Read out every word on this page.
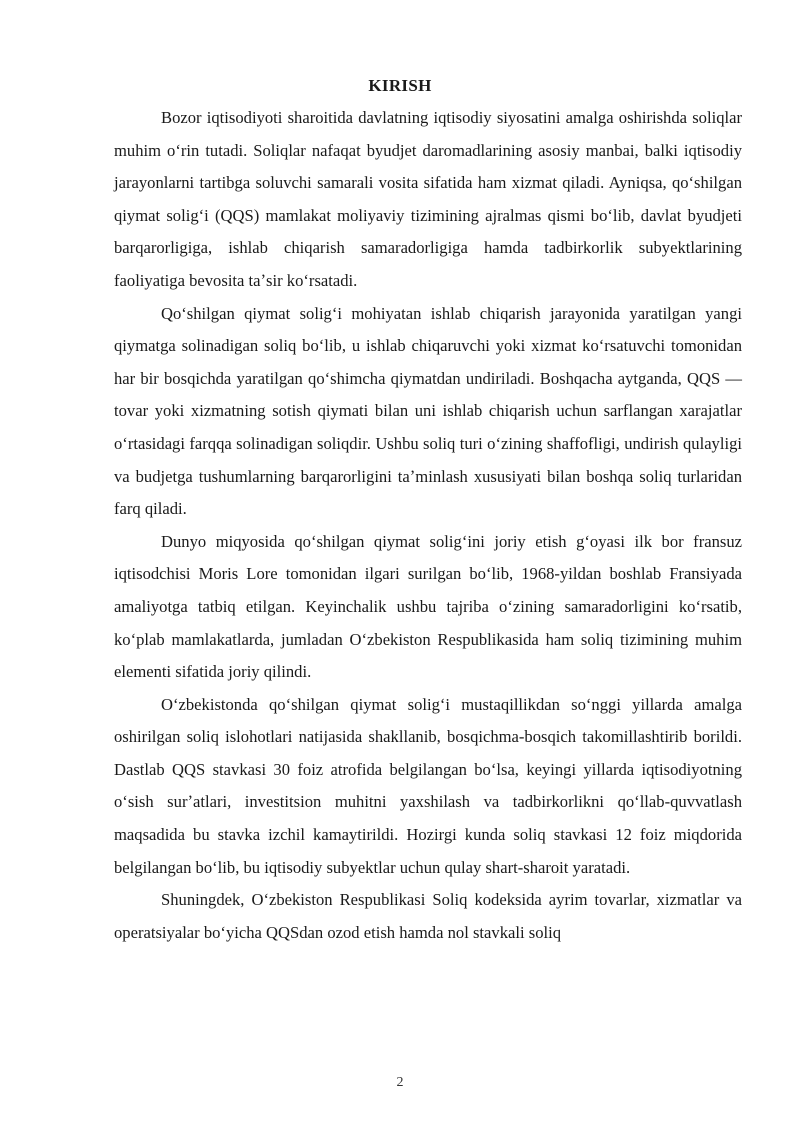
KIRISH

Bozor iqtisodiyoti sharoitida davlatning iqtisodiy siyosatini amalga oshirishda soliqlar muhim oʻrin tutadi. Soliqlar nafaqat byudjet daromadlarining asosiy manbai, balki iqtisodiy jarayonlarni tartibga soluvchi samarali vosita sifatida ham xizmat qiladi. Ayniqsa, qoʻshilgan qiymat soligʻi (QQS) mamlakat moliyaviy tizimining ajralmas qismi boʻlib, davlat byudjeti barqarorligiga, ishlab chiqarish samaradorligiga hamda tadbirkorlik subyektlarining faoliyatiga bevosita taʼsir koʻrsatadi.

Qoʻshilgan qiymat soligʻi mohiyatan ishlab chiqarish jarayonida yaratilgan yangi qiymatga solinadigan soliq boʻlib, u ishlab chiqaruvchi yoki xizmat koʻrsatuvchi tomonidan har bir bosqichda yaratilgan qoʻshimcha qiymatdan undiriladi. Boshqacha aytganda, QQS — tovar yoki xizmatning sotish qiymati bilan uni ishlab chiqarish uchun sarflangan xarajatlar oʻrtasidagi farqqa solinadigan soliqdir. Ushbu soliq turi oʻzining shaffofligi, undirish qulayligi va budjetga tushumlarning barqarorligini taʼminlash xususiyati bilan boshqa soliq turlaridan farq qiladi.

Dunyo miqyosida qoʻshilgan qiymat soligʻini joriy etish gʻoyasi ilk bor fransuz iqtisodchisi Moris Lore tomonidan ilgari surilgan boʻlib, 1968-yildan boshlab Fransiyada amaliyotga tatbiq etilgan. Keyinchalik ushbu tajriba oʻzining samaradorligini koʻrsatib, koʻplab mamlakatlarda, jumladan Oʻzbekiston Respublikasida ham soliq tizimining muhim elementi sifatida joriy qilindi.

Oʻzbekistonda qoʻshilgan qiymat soligʻi mustaqillikdan soʻnggi yillarda amalga oshirilgan soliq islohotlari natijasida shakllanib, bosqichma-bosqich takomillashtirib borildi. Dastlab QQS stavkasi 30 foiz atrofida belgilangan boʻlsa, keyingi yillarda iqtisodiyotning oʻsish surʼatlari, investitsion muhitni yaxshilash va tadbirkorlikni qoʻllab-quvvatlash maqsadida bu stavka izchil kamaytirildi. Hozirgi kunda soliq stavkasi 12 foiz miqdorida belgilangan boʻlib, bu iqtisodiy subyektlar uchun qulay shart-sharoit yaratadi.

Shuningdek, Oʻzbekiston Respublikasi Soliq kodeksida ayrim tovarlar, xizmatlar va operatsiyalar boʻyicha QQSdan ozod etish hamda nol stavkali soliq

2
